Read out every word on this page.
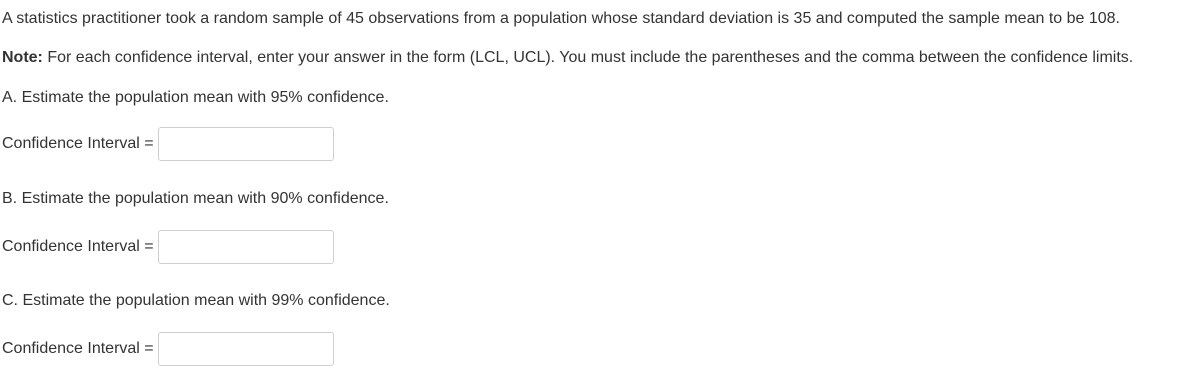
A statistics practitioner took a random sample of 45 observations from a population whose standard deviation is 35 and computed the sample mean to be 108.
Note: For each confidence interval, enter your answer in the form (LCL, UCL). You must include the parentheses and the comma between the confidence limits.
A. Estimate the population mean with 95% confidence.
Confidence Interval =
B. Estimate the population mean with 90% confidence.
Confidence Interval =
C. Estimate the population mean with 99% confidence.
Confidence Interval =
